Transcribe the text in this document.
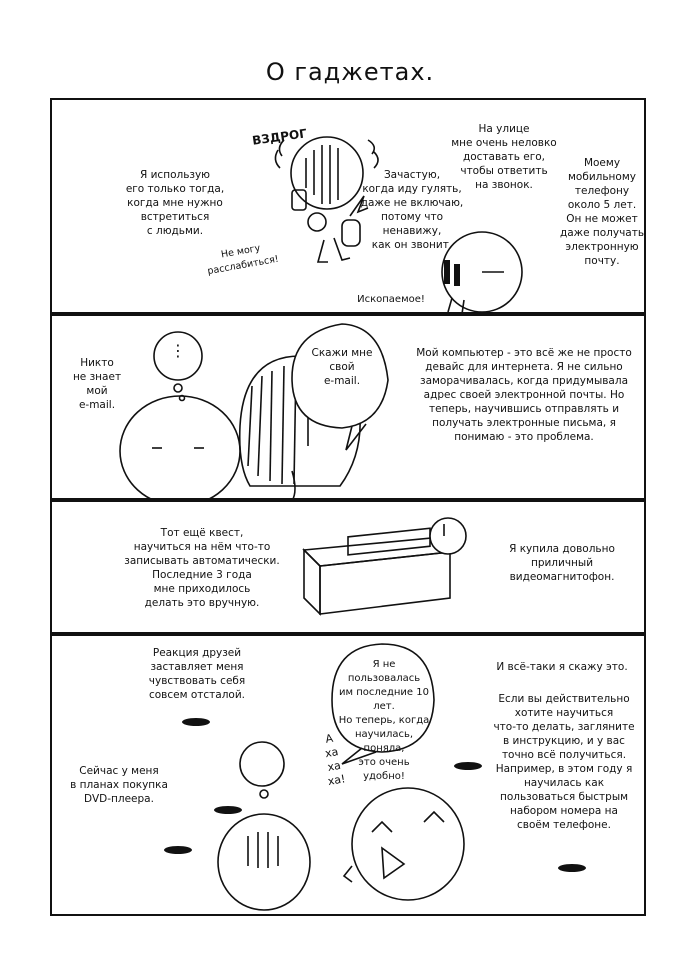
О гаджетах.
Я использую
его только тогда,
когда мне нужно
встретиться
с людьми.
ВЗДРОГ
Не могу
расслабиться!
Зачастую,
когда иду гулять,
даже не включаю,
потому что
ненавижу,
как он звонит.
На улице
мне очень неловко
доставать его,
чтобы ответить
на звонок.
Моему
мобильному
телефону
около 5 лет.
Он не может
даже получать
электронную
почту.
Ископаемое!
Никто
не знает
мой
e-mail.
⋮	Скажи мне
свой
e-mail.
Мой компьютер - это всё же не просто
девайс для интернета. Я не сильно
заморачивалась, когда придумывала
адрес своей электронной почты. Но
теперь, научившись отправлять и
получать электронные письма, я
понимаю - это проблема.
Тот ещё квест,
научиться на нём что-то
записывать автоматически.
Последние 3 года
мне приходилось
делать это вручную.
Я купила довольно
приличный
видеомагнитофон.
Реакция друзей
заставляет меня
чувствовать себя
совсем отсталой.
Сейчас у меня
в планах покупка
DVD-плеера.
Я не пользовалась
им последние 10 лет.
Но теперь, когда
научилась, поняла,
это очень удобно!
А
ха
ха
ха!
И всё-таки я скажу это.
Если вы действительно
хотите научиться
что-то делать, загляните
в инструкцию, и у вас
точно всё получиться.
Например, в этом году я
научилась как
пользоваться быстрым
набором номера на
своём телефоне.
